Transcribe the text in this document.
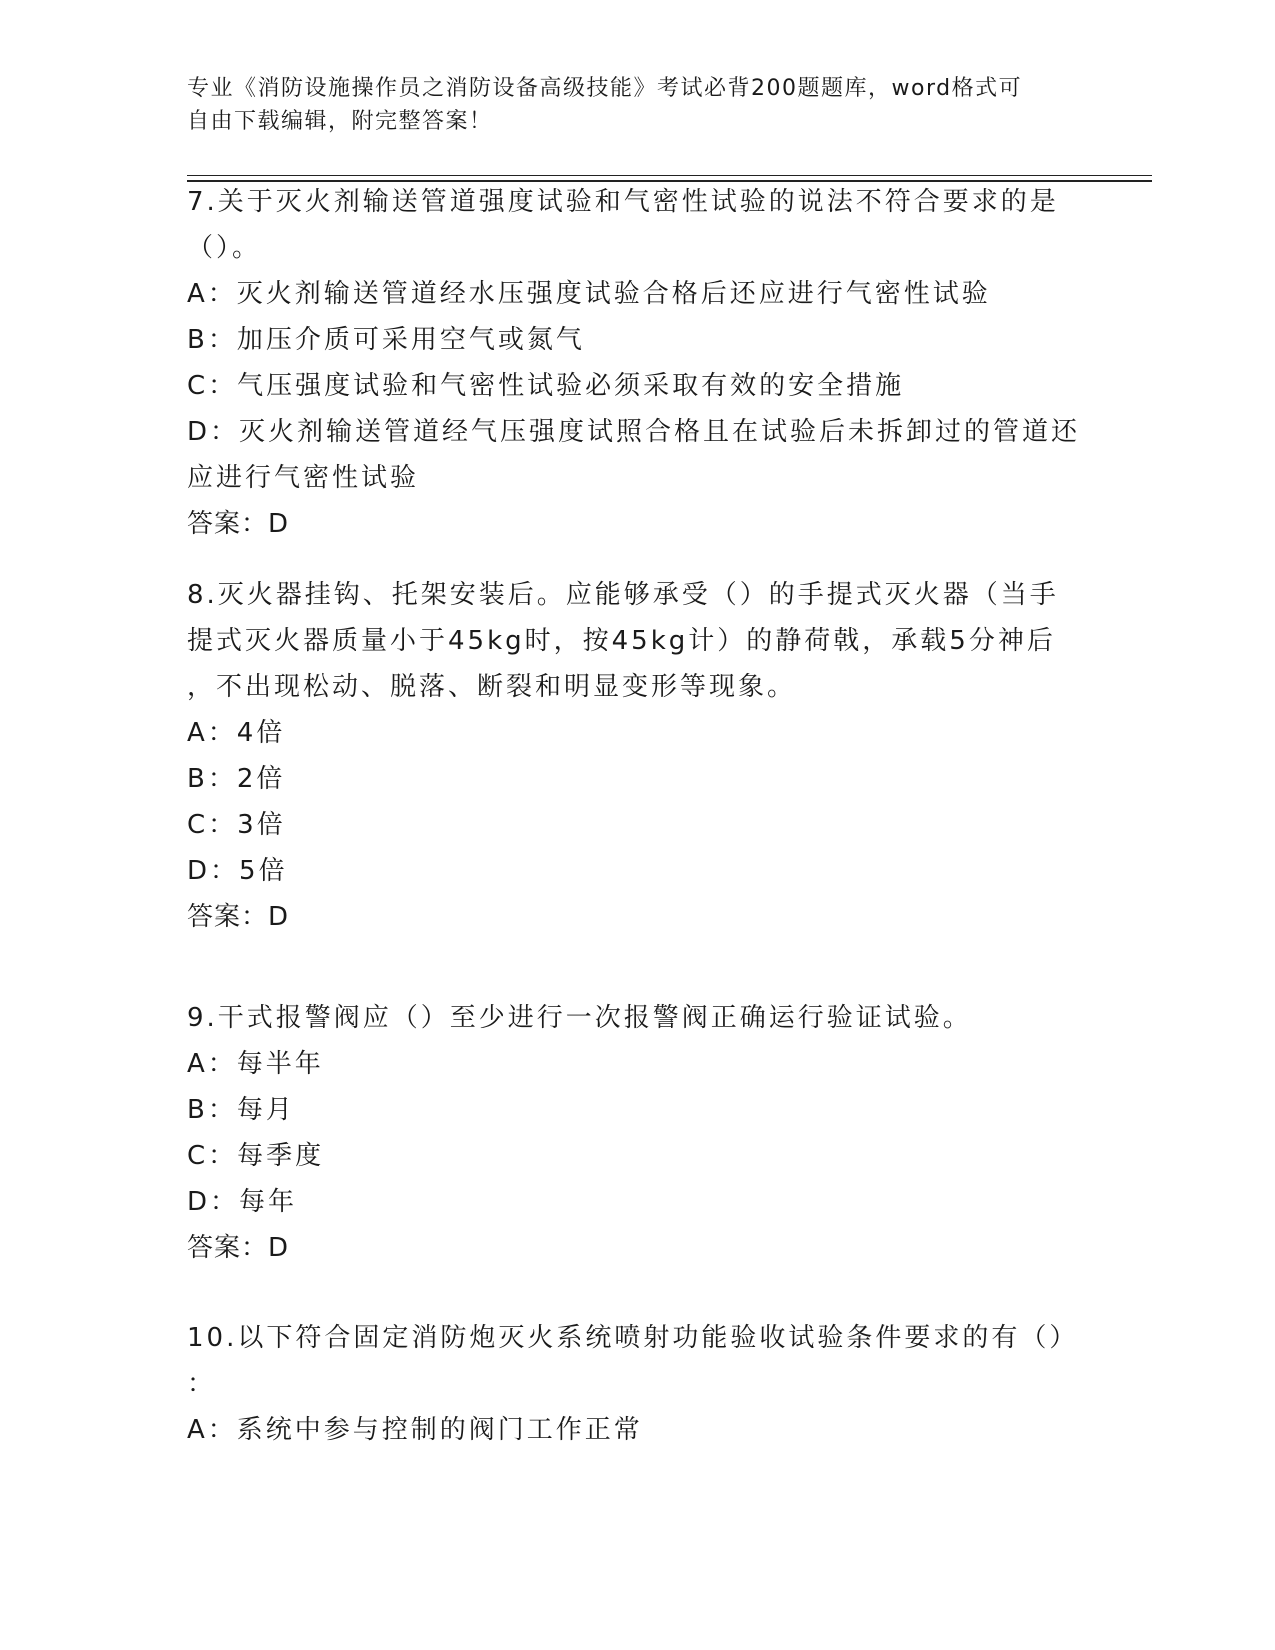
专业《消防设施操作员之消防设备高级技能》考试必背200题题库，word格式可
自由下载编辑，附完整答案！
7.关于灭火剂输送管道强度试验和气密性试验的说法不符合要求的是
（）。
A：灭火剂输送管道经水压强度试验合格后还应进行气密性试验
B：加压介质可采用空气或氮气
C：气压强度试验和气密性试验必须采取有效的安全措施
D：灭火剂输送管道经气压强度试照合格且在试验后未拆卸过的管道还
应进行气密性试验
答案：D
8.灭火器挂钩、托架安装后。应能够承受（）的手提式灭火器（当手
提式灭火器质量小于45kg时，按45kg计）的静荷戟，承载5分神后
，不出现松动、脱落、断裂和明显变形等现象。
A：4倍
B：2倍
C：3倍
D：5倍
答案：D
9.干式报警阀应（）至少进行一次报警阀正确运行验证试验。
A：每半年
B：每月
C：每季度
D：每年
答案：D
10.以下符合固定消防炮灭火系统喷射功能验收试验条件要求的有（）
：
A：系统中参与控制的阀门工作正常
